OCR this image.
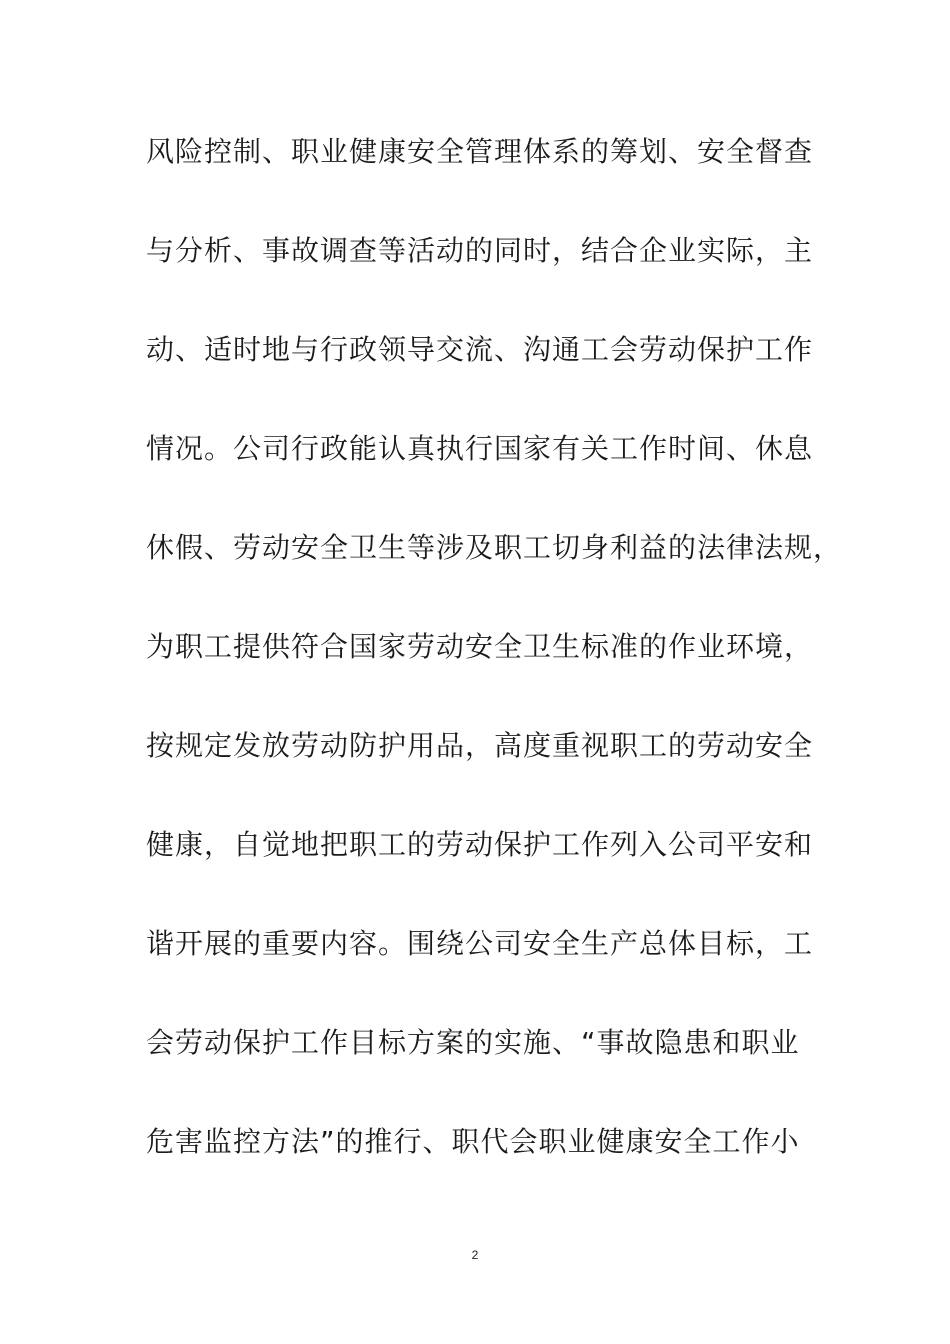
风险控制、职业健康安全管理体系的筹划、安全督查
与分析、事故调查等活动的同时，结合企业实际，主
动、适时地与行政领导交流、沟通工会劳动保护工作
情况。公司行政能认真执行国家有关工作时间、休息
休假、劳动安全卫生等涉及职工切身利益的法律法规，
为职工提供符合国家劳动安全卫生标准的作业环境，
按规定发放劳动防护用品，高度重视职工的劳动安全
健康，自觉地把职工的劳动保护工作列入公司平安和
谐开展的重要内容。围绕公司安全生产总体目标，工
会劳动保护工作目标方案的实施、“事故隐患和职业
危害监控方法”的推行、职代会职业健康安全工作小
2
